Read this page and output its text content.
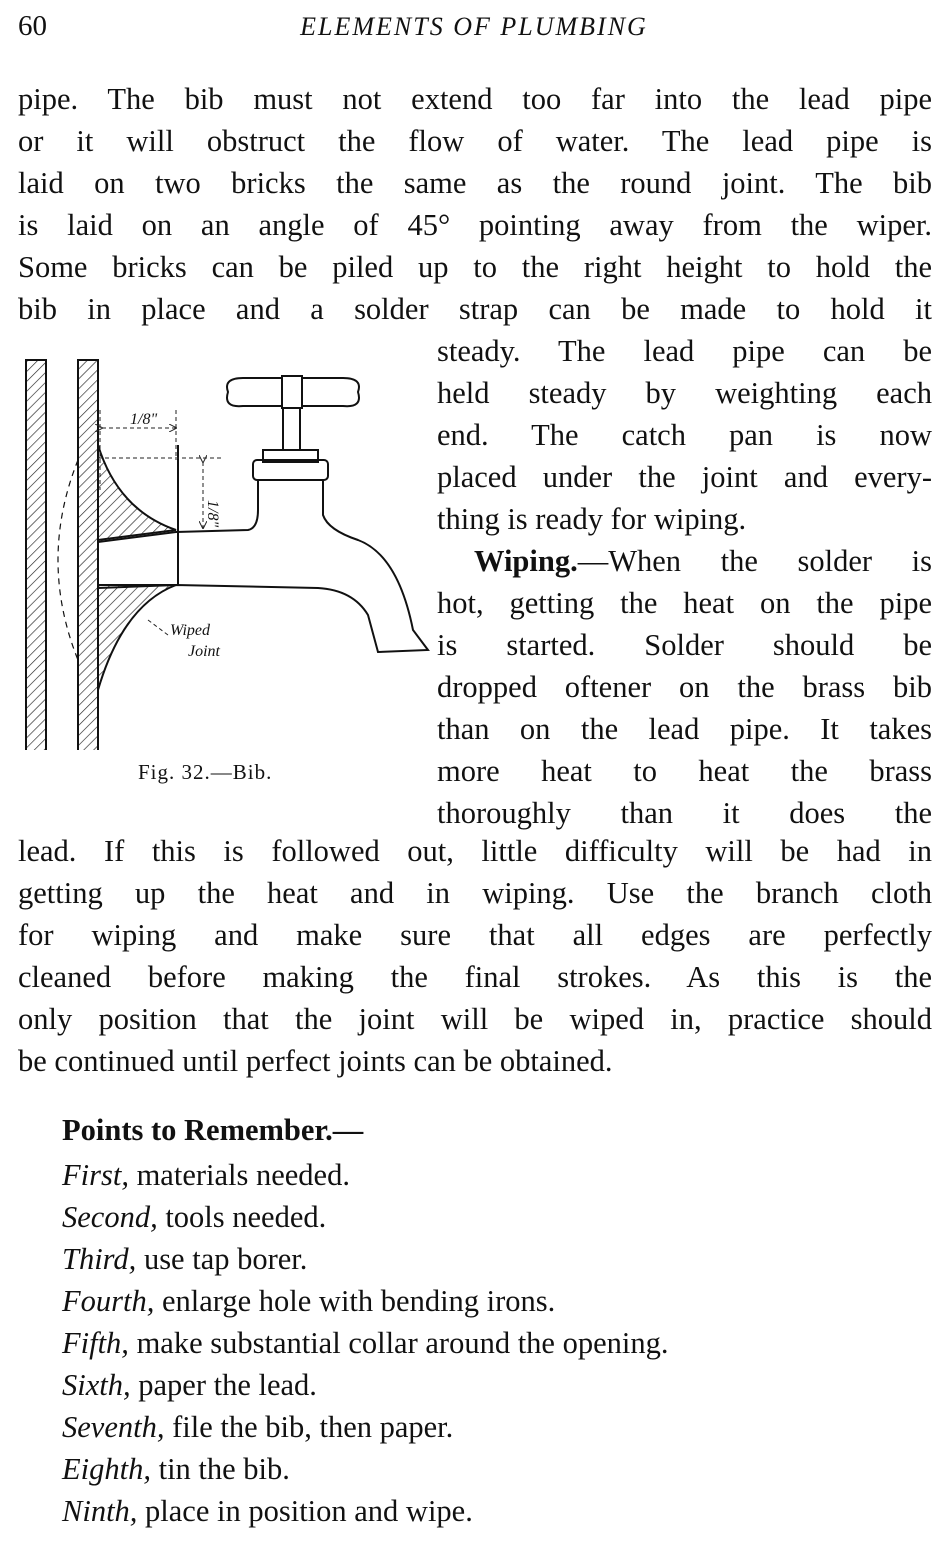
60	ELEMENTS OF PLUMBING
pipe. The bib must not extend too far into the lead pipe
or it will obstruct the flow of water. The lead pipe is
laid on two bricks the same as the round joint. The bib
is laid on an angle of 45° pointing away from the wiper.
Some bricks can be piled up to the right height to hold the
bib in place and a solder strap can be made to hold it
steady. The lead pipe can be
held steady by weighting each
end. The catch pan is now
placed under the joint and every-
thing is ready for wiping.
Wiping.—When the solder is
hot, getting the heat on the pipe
is started. Solder should be
dropped oftener on the brass bib
than on the lead pipe. It takes
more heat to heat the brass
thoroughly than it does the
lead. If this is followed out, little difficulty will be had in
getting up the heat and in wiping. Use the branch cloth
for wiping and make sure that all edges are perfectly
cleaned before making the final strokes. As this is the
only position that the joint will be wiped in, practice should
be continued until perfect joints can be obtained.
1/8"
1/8"
Wiped
Joint
Fig. 32.—Bib.
Points to Remember.—
First, materials needed.
Second, tools needed.
Third, use tap borer.
Fourth, enlarge hole with bending irons.
Fifth, make substantial collar around the opening.
Sixth, paper the lead.
Seventh, file the bib, then paper.
Eighth, tin the bib.
Ninth, place in position and wipe.
